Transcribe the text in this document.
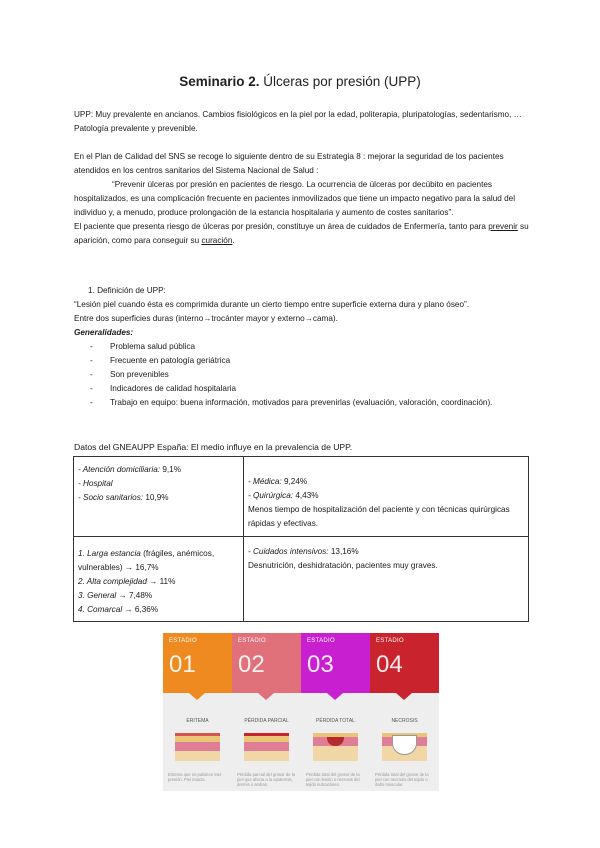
Seminario 2. Úlceras por presión (UPP)

UPP: Muy prevalente en ancianos. Cambios fisiológicos en la piel por la edad, politerapia, pluripatologías, sedentarismo, … Patología prevalente y prevenible.

En el Plan de Calidad del SNS se recoge lo siguiente dentro de su Estrategia 8 : mejorar la seguridad de los pacientes atendidos en los centros sanitarios del Sistema Nacional de Salud :
“Prevenir úlceras por presión en pacientes de riesgo. La ocurrencia de úlceras por decúbito en pacientes hospitalizados, es una complicación frecuente en pacientes inmovilizados que tiene un impacto negativo para la salud del individuo y, a menudo, produce prolongación de la estancia hospitalaria y aumento de costes sanitarios”.
El paciente que presenta riesgo de úlceras por presión, constituye un área de cuidados de Enfermería, tanto para prevenir su aparición, como para conseguir su curación.

1. Definición de UPP:

“Lesión piel cuando ésta es comprimida durante un cierto tiempo entre superficie externa dura y plano óseo”.

Entre dos superficies duras (interno→trocánter mayor y externo→cama).

Generalidades:

- Problema salud pública
- Frecuente en patología geriátrica
- Son prevenibles
- Indicadores de calidad hospitalaria
- Trabajo en equipo: buena información, motivados para prevenirlas (evaluación, valoración, coordinación).

Datos del GNEAUPP España: El medio influye en la prevalencia de UPP.

- Atención domiciliaria: 9,1%
- Hospital
- Socio sanitarios: 10,9%
- Médica: 9,24%
- Quirúrgica: 4,43%
Menos tiempo de hospitalización del paciente y con técnicas quirúrgicas rápidas y efectivas.
1. Larga estancia (frágiles, anémicos, vulnerables) → 16,7%
2. Alta complejidad → 11%
3. General → 7,48%
4. Comarcal → 6,36%
- Cuidados intensivos: 13,16%
Desnutrición, deshidratación, pacientes muy graves.
ESTADIO
01
ERITEMA
Eritema que no palidece tras presión. Piel intacta.
ESTADIO
02
PÉRDIDA PARCIAL
Pérdida parcial del grosor de la piel que afecta a la epidermis, dermis o ambas.
ESTADIO
03
PÉRDIDA TOTAL
Pérdida total del grosor de la piel con lesión o necrosis del tejido subcutáneo.
ESTADIO
04
NECROSIS
Pérdida total del grosor de la piel con necrosis del tejido o daño muscular.
